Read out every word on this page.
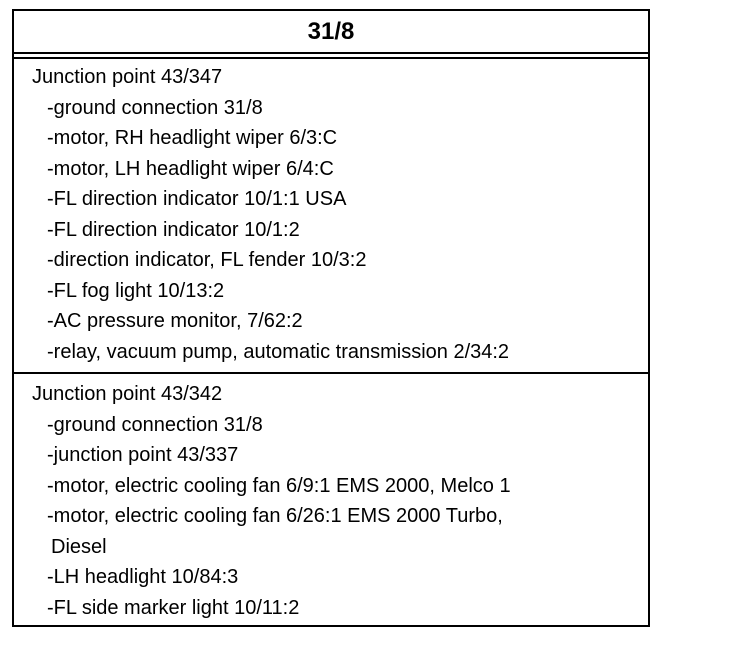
31/8
Junction point 43/347
-ground connection 31/8
-motor, RH headlight wiper 6/3:C
-motor, LH headlight wiper 6/4:C
-FL direction indicator 10/1:1 USA
-FL direction indicator 10/1:2
-direction indicator, FL fender 10/3:2
-FL fog light 10/13:2
-AC pressure monitor, 7/62:2
-relay, vacuum pump, automatic transmission 2/34:2
Junction point 43/342
-ground connection 31/8
-junction point 43/337
-motor, electric cooling fan 6/9:1 EMS 2000, Melco 1
-motor, electric cooling fan 6/26:1 EMS 2000 Turbo,
Diesel
-LH headlight 10/84:3
-FL side marker light 10/11:2
